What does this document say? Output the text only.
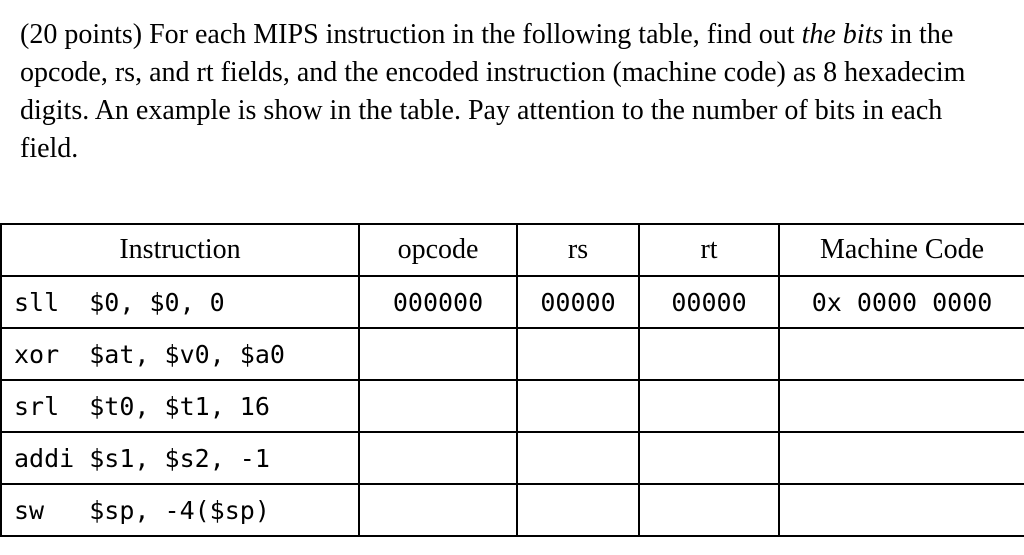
(20 points) For each MIPS instruction in the following table, find out the bits in the
opcode, rs, and rt fields, and the encoded instruction (machine code) as 8 hexadecim
digits. An example is show in the table. Pay attention to the number of bits in each
field.
Instruction	opcode	rs	rt	Machine Code
sll  $0, $0, 0	000000	00000	00000	0x 0000 0000
xor  $at, $v0, $a0				
srl  $t0, $t1, 16				
addi $s1, $s2, -1				
sw   $sp, -4($sp)				
